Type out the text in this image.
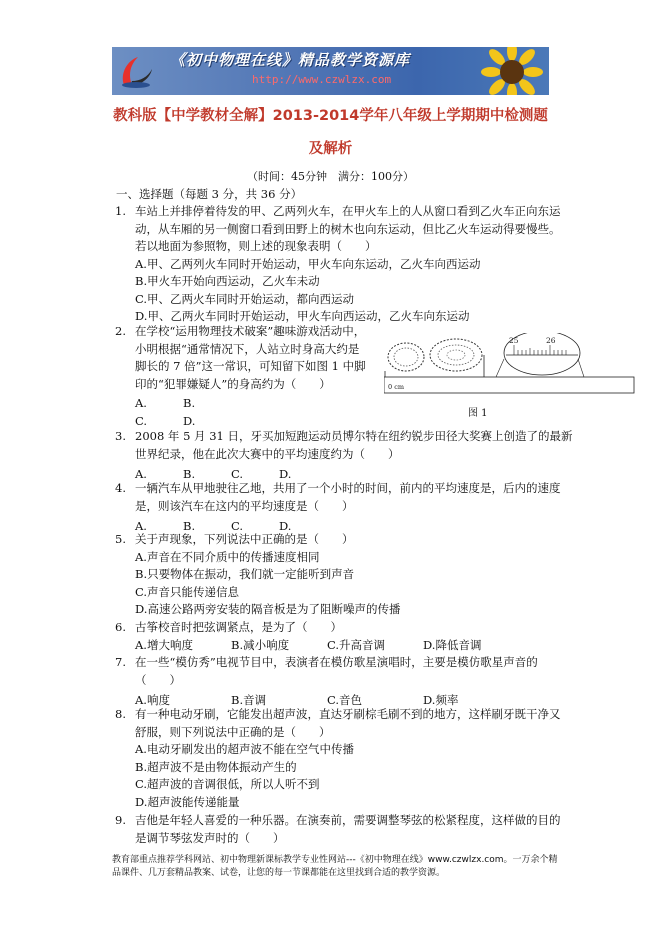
《初中物理在线》精品教学资源库
http://www.czwlzx.com
教科版【中学教材全解】2013-2014学年八年级上学期期中检测题
及解析
（时间：45分钟　满分：100分）
一、选择题（每题 3 分，共 36 分）
1. 车站上并排停着待发的甲、乙两列火车，在甲火车上的人从窗口看到乙火车正向东运
动，从车厢的另一侧窗口看到田野上的树木也向东运动，但比乙火车运动得要慢些。
若以地面为参照物，则上述的现象表明（　　）
A.甲、乙两列火车同时开始运动，甲火车向东运动，乙火车向西运动
B.甲火车开始向西运动，乙火车未动
C.甲、乙两火车同时开始运动，都向西运动
D.甲、乙两火车同时开始运动，甲火车向西运动，乙火车向东运动
2. 在学校“运用物理技术破案”趣味游戏活动中，
小明根据“通常情况下，人站立时身高大约是
脚长的 7 倍”这一常识，可知留下如图 1 中脚
印的“犯罪嫌疑人”的身高约为（　　）
A.	B.
C.	D.
0 cm
25	26
图 1
3. 2008 年 5 月 31 日，牙买加短跑运动员博尔特在纽约锐步田径大奖赛上创造了的最新
世界纪录，他在此次大赛中的平均速度约为（　　）
A.	B.	C.	D.
4. 一辆汽车从甲地驶往乙地，共用了一个小时的时间，前内的平均速度是，后内的速度
是，则该汽车在这内的平均速度是（　　）
A.	B.	C.	D.
5. 关于声现象，下列说法中正确的是（　　）
A.声音在不同介质中的传播速度相同
B.只要物体在振动，我们就一定能听到声音
C.声音只能传递信息
D.高速公路两旁安装的隔音板是为了阻断噪声的传播
6. 古筝校音时把弦调紧点，是为了（　　）
A.增大响度	B.减小响度	C.升高音调	D.降低音调
7. 在一些“模仿秀”电视节目中，表演者在模仿歌星演唱时，主要是模仿歌星声音的
（　　）
A.响度	B.音调	C.音色	D.频率
8. 有一种电动牙刷，它能发出超声波，直达牙刷棕毛刷不到的地方，这样刷牙既干净又
舒服，则下列说法中正确的是（　　）
A.电动牙刷发出的超声波不能在空气中传播
B.超声波不是由物体振动产生的
C.超声波的音调很低，所以人听不到
D.超声波能传递能量
9. 吉他是年轻人喜爱的一种乐器。在演奏前，需要调整琴弦的松紧程度，这样做的目的
是调节琴弦发声时的（　　）
教育部重点推荐学科网站、初中物理新课标教学专业性网站---《初中物理在线》www.czwlzx.com。一万余个精品课件、几万套精品教案、试卷，让您的每一节课都能在这里找到合适的教学资源。
